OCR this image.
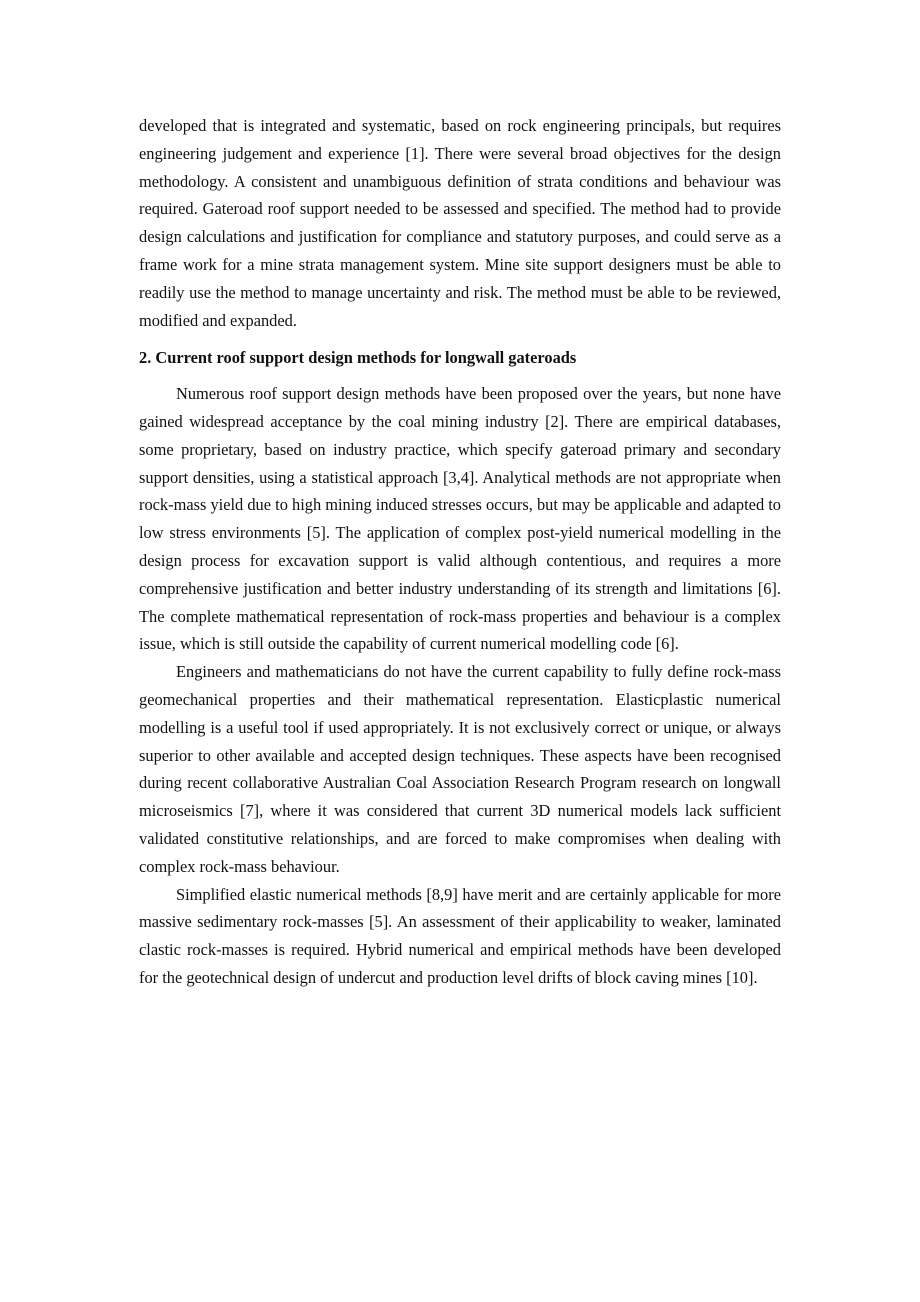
developed that is integrated and systematic, based on rock engineering principals, but requires engineering judgement and experience [1]. There were several broad objectives for the design methodology. A consistent and unambiguous definition of strata conditions and behaviour was required. Gateroad roof support needed to be assessed and specified. The method had to provide design calculations and justification for compliance and statutory purposes, and could serve as a frame work for a mine strata management system. Mine site support designers must be able to readily use the method to manage uncertainty and risk. The method must be able to be reviewed, modified and expanded.

2. Current roof support design methods for longwall gateroads

Numerous roof support design methods have been proposed over the years, but none have gained widespread acceptance by the coal mining industry [2]. There are empirical databases, some proprietary, based on industry practice, which specify gateroad primary and secondary support densities, using a statistical approach [3,4]. Analytical methods are not appropriate when rock-mass yield due to high mining induced stresses occurs, but may be applicable and adapted to low stress environments [5]. The application of complex post-yield numerical modelling in the design process for excavation support is valid although contentious, and requires a more comprehensive justification and better industry understanding of its strength and limitations [6]. The complete mathematical representation of rock-mass properties and behaviour is a complex issue, which is still outside the capability of current numerical modelling code [6].

Engineers and mathematicians do not have the current capability to fully define rock-mass geomechanical properties and their mathematical representation. Elasticplastic numerical modelling is a useful tool if used appropriately. It is not exclusively correct or unique, or always superior to other available and accepted design techniques. These aspects have been recognised during recent collaborative Australian Coal Association Research Program research on longwall microseismics [7], where it was considered that current 3D numerical models lack sufficient validated constitutive relationships, and are forced to make compromises when dealing with complex rock-mass behaviour.

Simplified elastic numerical methods [8,9] have merit and are certainly applicable for more massive sedimentary rock-masses [5]. An assessment of their applicability to weaker, laminated clastic rock-masses is required. Hybrid numerical and empirical methods have been developed for the geotechnical design of undercut and production level drifts of block caving mines [10].
